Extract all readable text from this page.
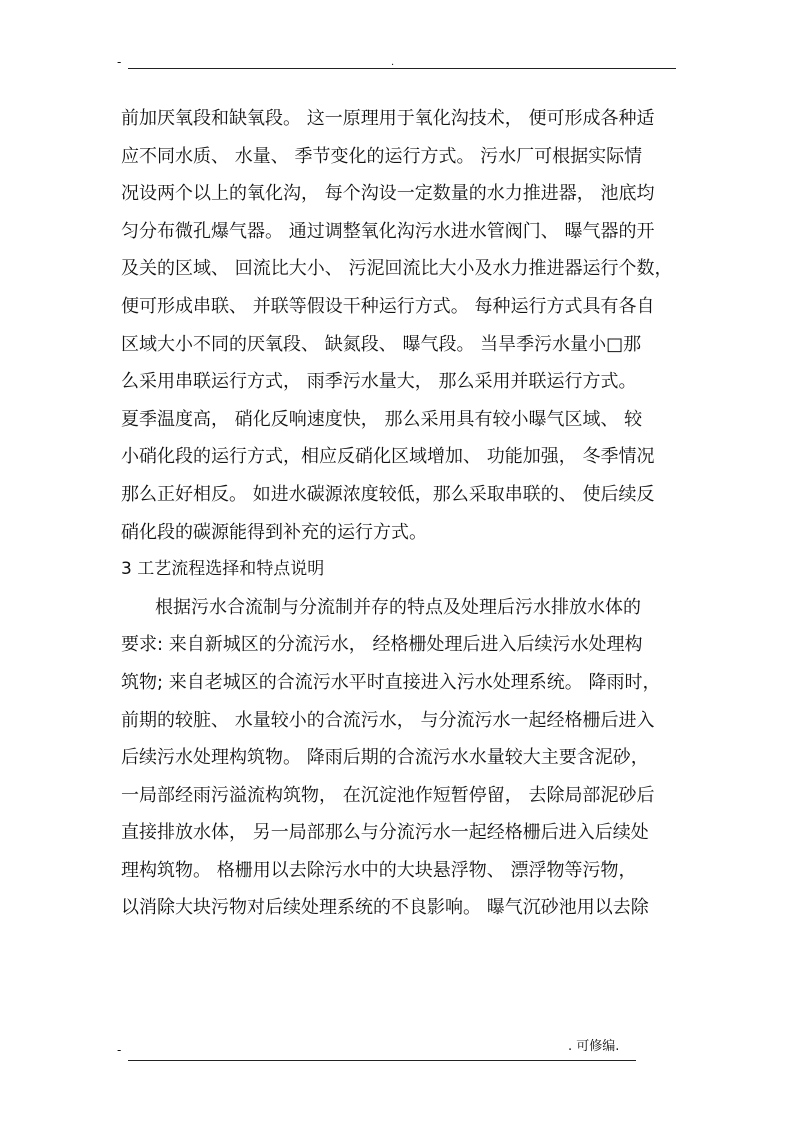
-	.
前加厌氧段和缺氧段。 这一原理用于氧化沟技术， 便可形成各种适
应不同水质、 水量、 季节变化的运行方式。 污水厂可根据实际情
况设两个以上的氧化沟， 每个沟设一定数量的水力推进器， 池底均
匀分布微孔爆气器。 通过调整氧化沟污水进水管阀门、 曝气器的开
及关的区域、 回流比大小、 污泥回流比大小及水力推进器运行个数，
便可形成串联、 并联等假设干种运行方式。 每种运行方式具有各自
区域大小不同的厌氧段、 缺氮段、 曝气段。 当旱季污水量小□那
么采用串联运行方式， 雨季污水量大， 那么采用并联运行方式。
夏季温度高， 硝化反响速度快， 那么采用具有较小曝气区域、 较
小硝化段的运行方式，相应反硝化区域增加、 功能加强， 冬季情况
那么正好相反。 如进水碳源浓度较低，那么采取串联的、 使后续反
硝化段的碳源能得到补充的运行方式。
3 工艺流程选择和特点说明
根据污水合流制与分流制并存的特点及处理后污水排放水体的
要求: 来自新城区的分流污水， 经格栅处理后进入后续污水处理构
筑物; 来自老城区的合流污水平时直接进入污水处理系统。 降雨时，
前期的较脏、 水量较小的合流污水， 与分流污水一起经格栅后进入
后续污水处理构筑物。 降雨后期的合流污水水量较大主要含泥砂，
一局部经雨污溢流构筑物， 在沉淀池作短暂停留， 去除局部泥砂后
直接排放水体， 另一局部那么与分流污水一起经格栅后进入后续处
理构筑物。 格栅用以去除污水中的大块悬浮物、 漂浮物等污物，
以消除大块污物对后续处理系统的不良影响。 曝气沉砂池用以去除
-	. 可修编.
